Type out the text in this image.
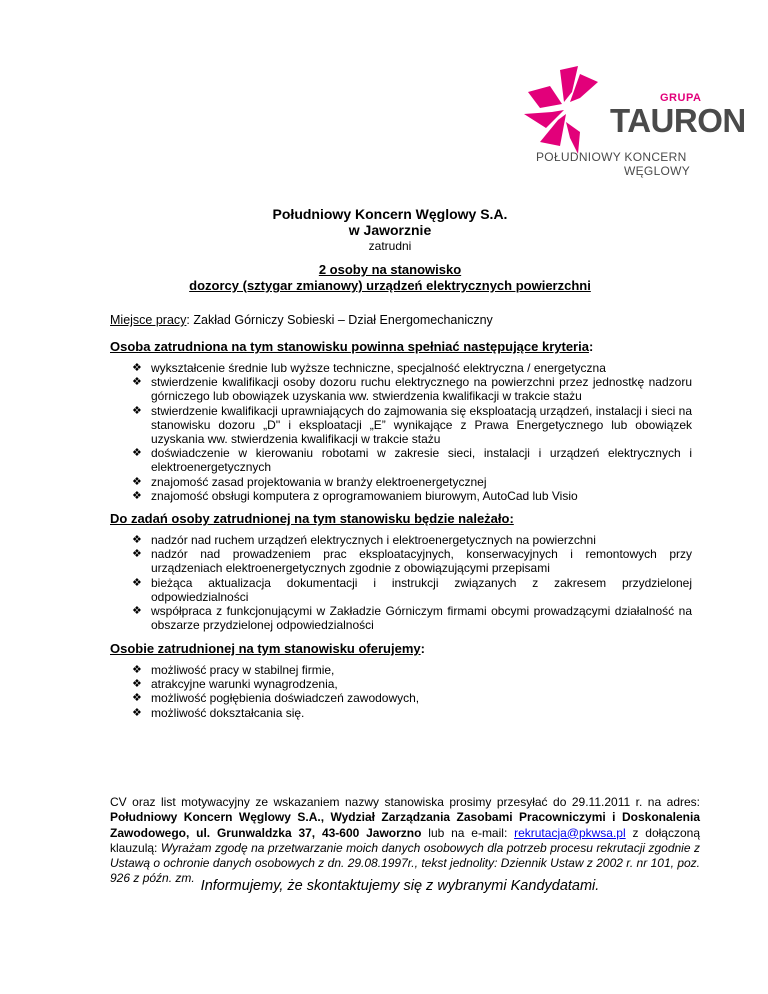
GRUPA
TAURON
POŁUDNIOWY KONCERN
WĘGLOWY
Południowy Koncern Węglowy S.A.
w Jaworznie
zatrudni
2 osoby na stanowisko
dozorcy (sztygar zmianowy) urządzeń elektrycznych powierzchni
Miejsce pracy: Zakład Górniczy Sobieski – Dział Energomechaniczny
Osoba zatrudniona na tym stanowisku powinna spełniać następujące kryteria:
❖ wykształcenie średnie lub wyższe techniczne, specjalność elektryczna / energetyczna
❖ stwierdzenie kwalifikacji osoby dozoru ruchu elektrycznego na powierzchni przez jednostkę nadzoru górniczego lub obowiązek uzyskania ww. stwierdzenia kwalifikacji w trakcie stażu
❖ stwierdzenie kwalifikacji uprawniających do zajmowania się eksploatacją urządzeń, instalacji i sieci na stanowisku dozoru „D'' i eksploatacji „E” wynikające z Prawa Energetycznego lub obowiązek uzyskania ww. stwierdzenia kwalifikacji w trakcie stażu
❖ doświadczenie w kierowaniu robotami w zakresie sieci, instalacji i urządzeń elektrycznych i elektroenergetycznych
❖ znajomość zasad projektowania w branży elektroenergetycznej
❖ znajomość obsługi komputera z oprogramowaniem biurowym, AutoCad lub Visio
Do zadań osoby zatrudnionej na tym stanowisku będzie należało:
❖ nadzór nad ruchem urządzeń elektrycznych i elektroenergetycznych na powierzchni
❖ nadzór nad prowadzeniem prac eksploatacyjnych, konserwacyjnych i remontowych przy urządzeniach elektroenergetycznych zgodnie z obowiązującymi przepisami
❖ bieżąca aktualizacja dokumentacji i instrukcji związanych z zakresem przydzielonej odpowiedzialności
❖ współpraca z funkcjonującymi w Zakładzie Górniczym firmami obcymi prowadzącymi działalność na obszarze przydzielonej odpowiedzialności
Osobie zatrudnionej na tym stanowisku oferujemy:
❖ możliwość pracy w stabilnej firmie,
❖ atrakcyjne warunki wynagrodzenia,
❖ możliwość pogłębienia doświadczeń zawodowych,
❖ możliwość dokształcania się.
CV oraz list motywacyjny ze wskazaniem nazwy stanowiska prosimy przesyłać do 29.11.2011 r. na adres: Południowy Koncern Węglowy S.A., Wydział Zarządzania Zasobami Pracowniczymi i Doskonalenia Zawodowego, ul. Grunwaldzka 37, 43-600 Jaworzno lub na e-mail: rekrutacja@pkwsa.pl z dołączoną klauzulą: Wyrażam zgodę na przetwarzanie moich danych osobowych dla potrzeb procesu rekrutacji zgodnie z Ustawą o ochronie danych osobowych z dn. 29.08.1997r., tekst jednolity: Dziennik Ustaw z 2002 r. nr 101, poz. 926 z późn. zm. Informujemy, że skontaktujemy się z wybranymi Kandydatami.
